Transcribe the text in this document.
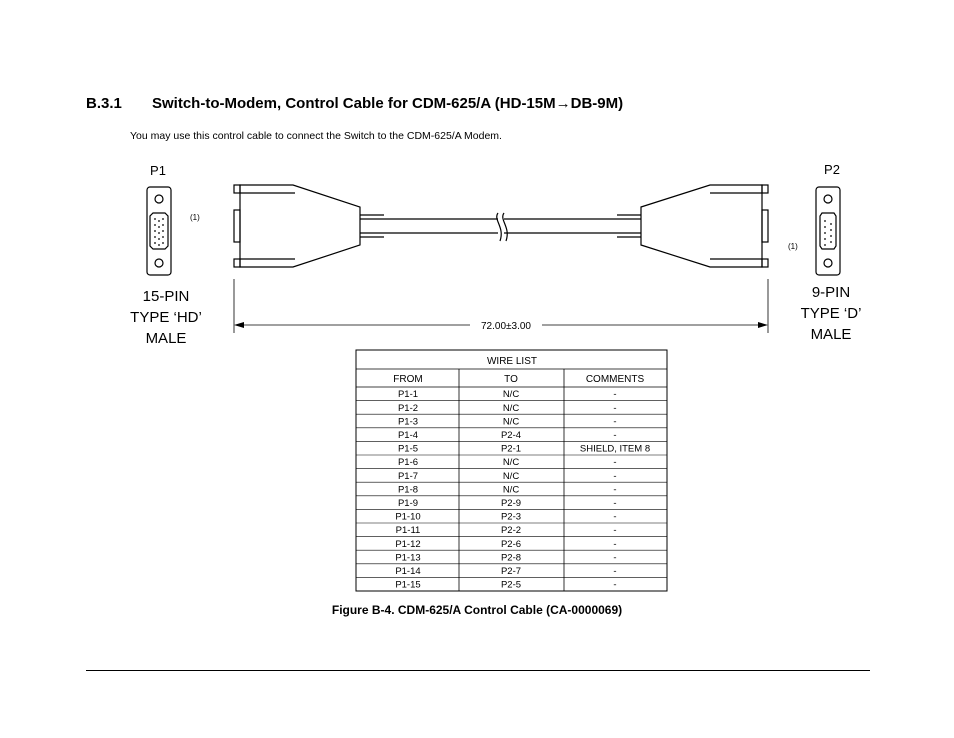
B.3.1 Switch-to-Modem, Control Cable for CDM-625/A (HD-15M→DB-9M)
You may use this control cable to connect the Switch to the CDM-625/A Modem.
P1
(1)
15-PIN
TYPE ‘HD’
MALE
72.00±3.00
P2
(1)
9-PIN
TYPE ‘D’
MALE
WIRE LIST
FROM	TO	COMMENTS
P1-1	N/C	-
P1-2	N/C	-
P1-3	N/C	-
P1-4	P2-4	-
P1-5	P2-1	SHIELD, ITEM 8
P1-6	N/C	-
P1-7	N/C	-
P1-8	N/C	-
P1-9	P2-9	-
P1-10	P2-3	-
P1-11	P2-2	-
P1-12	P2-6	-
P1-13	P2-8	-
P1-14	P2-7	-
P1-15	P2-5	-
Figure B-4. CDM-625/A Control Cable (CA-0000069)
